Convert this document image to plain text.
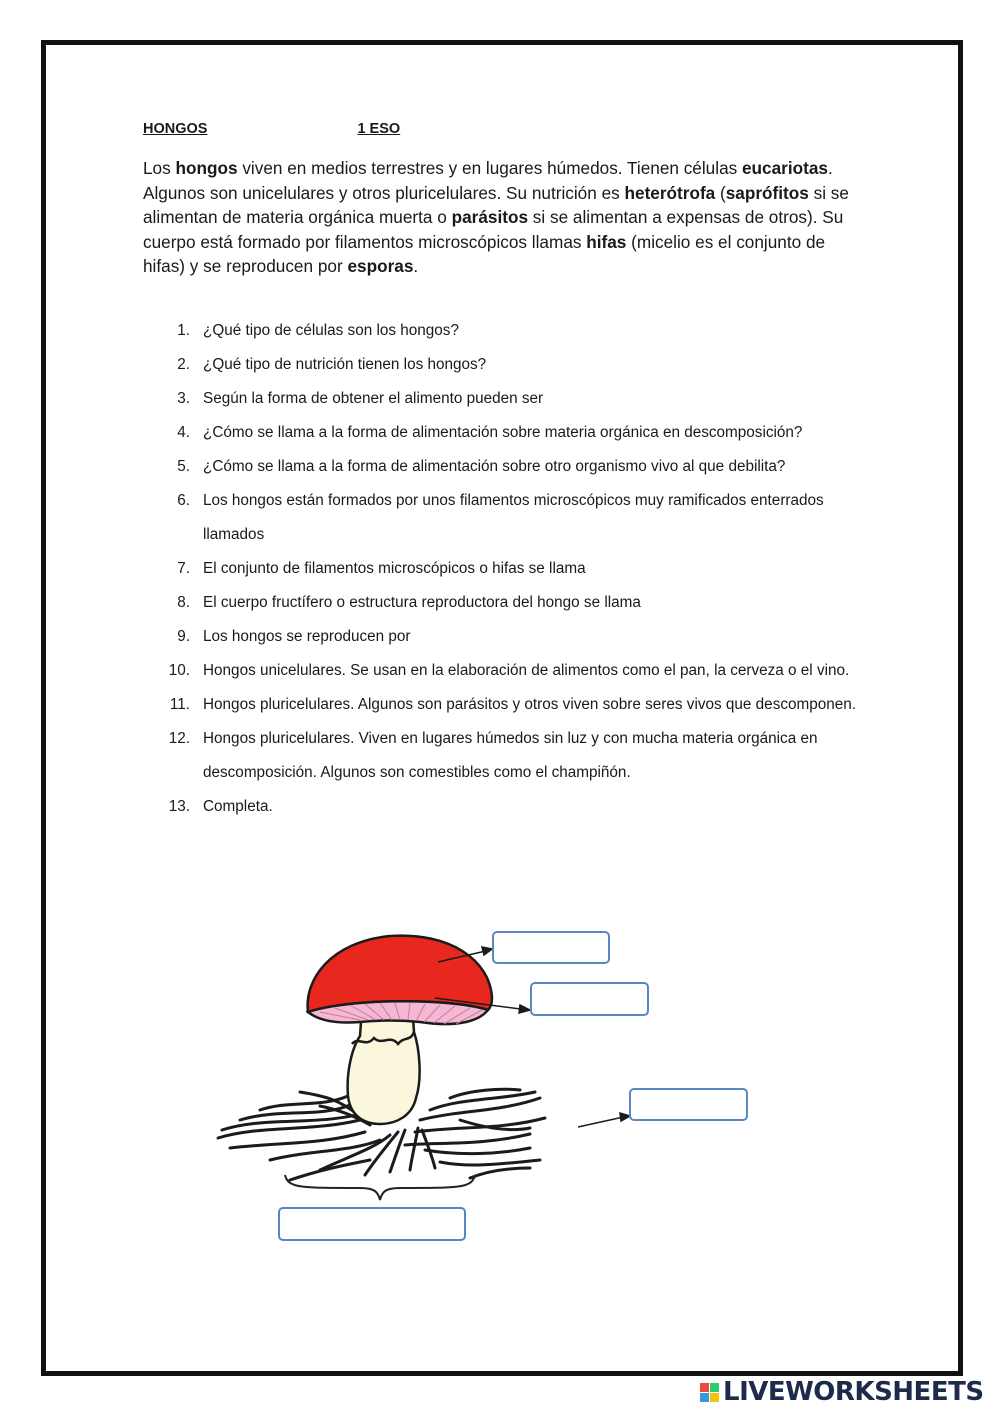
HONGOS	1 ESO
Los hongos viven en medios terrestres y en lugares húmedos. Tienen células eucariotas. Algunos son unicelulares y otros pluricelulares. Su nutrición es heterótrofa (saprófitos si se alimentan de materia orgánica muerta o parásitos si se alimentan a expensas de otros). Su cuerpo está formado por filamentos microscópicos llamas hifas (micelio es el conjunto de hifas) y se reproducen por esporas.
1. ¿Qué tipo de células son los hongos?
2. ¿Qué tipo de nutrición tienen los hongos?
3. Según la forma de obtener el alimento pueden ser
4. ¿Cómo se llama a la forma de alimentación sobre materia orgánica en descomposición?
5. ¿Cómo se llama a la forma de alimentación sobre otro organismo vivo al que debilita?
6. Los hongos están formados por unos filamentos microscópicos muy ramificados enterrados llamados
7. El conjunto de filamentos microscópicos o hifas se llama
8. El cuerpo fructífero o estructura reproductora del hongo se llama
9. Los hongos se reproducen por
10. Hongos unicelulares. Se usan en la elaboración de alimentos como el pan, la cerveza o el vino.
11. Hongos pluricelulares. Algunos son parásitos y otros viven sobre seres vivos que descomponen.
12. Hongos pluricelulares. Viven en lugares húmedos sin luz y con mucha materia orgánica en descomposición. Algunos son comestibles como el champiñón.
13. Completa.
LIVEWORKSHEETS
